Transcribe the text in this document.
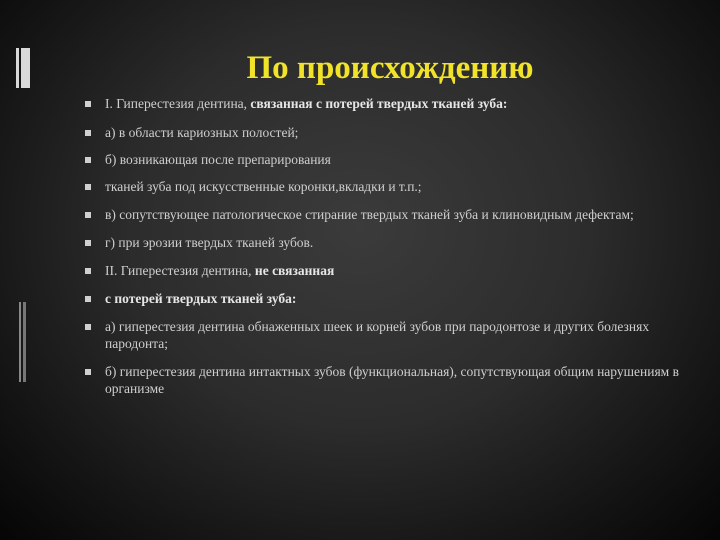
По происхождению
I. Гиперестезия дентина, связанная с потерей твердых тканей зуба:
а) в области кариозных полостей;
б) возникающая после препарирования
тканей зуба под искусственные коронки,вкладки и т.п.;
в) сопутствующее патологическое стирание твердых тканей зуба и клиновидным дефектам;
г) при эрозии твердых тканей зубов.
II. Гиперестезия дентина, не связанная
с потерей твердых тканей зуба:
а) гиперестезия дентина обнаженных шеек и корней зубов при пародонтозе и других болезнях пародонта;
б) гиперестезия дентина интактных зубов (функциональная), сопутствующая общим нарушениям в организме
